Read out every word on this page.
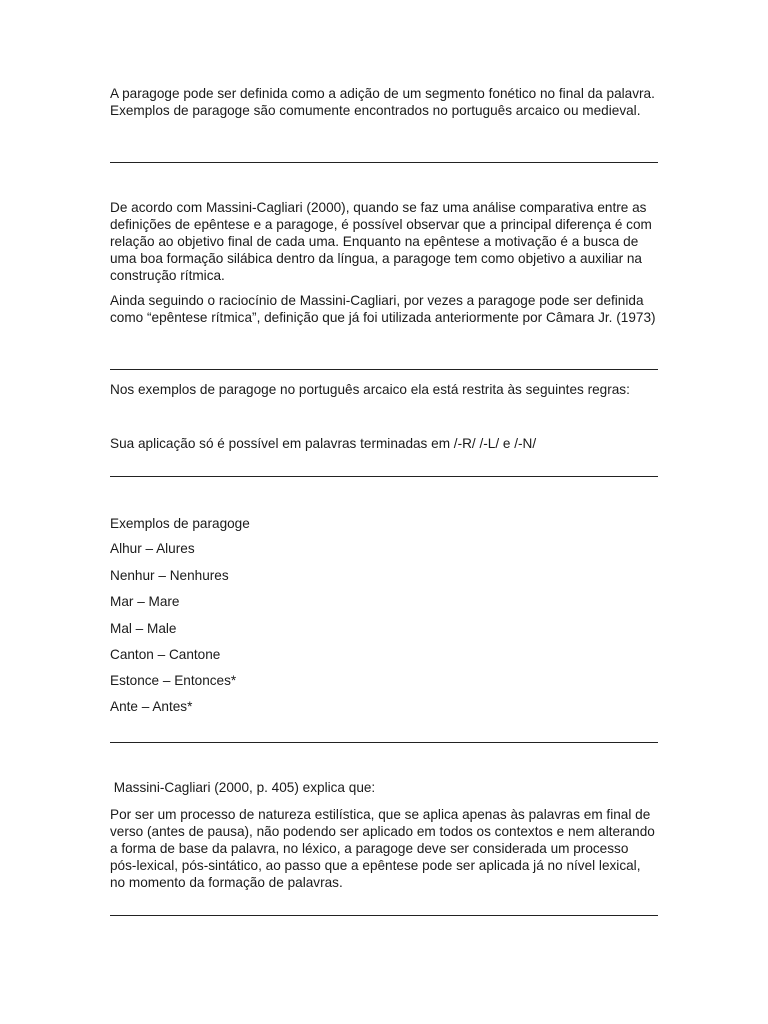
A paragoge pode ser definida como a adição de um segmento fonético no final da palavra. Exemplos de paragoge são comumente encontrados no português arcaico ou medieval.

De acordo com Massini-Cagliari (2000), quando se faz uma análise comparativa entre as definições de epêntese e a paragoge, é possível observar que a principal diferença é com relação ao objetivo final de cada uma. Enquanto na epêntese a motivação é a busca de uma boa formação silábica dentro da língua, a paragoge tem como objetivo a auxiliar na construção rítmica.

Ainda seguindo o raciocínio de Massini-Cagliari, por vezes a paragoge pode ser definida como “epêntese rítmica”, definição que já foi utilizada anteriormente por Câmara Jr. (1973)

Nos exemplos de paragoge no português arcaico ela está restrita às seguintes regras:

Sua aplicação só é possível em palavras terminadas em /-R/ /-L/ e /-N/

Exemplos de paragoge

Alhur – Alures

Nenhur – Nenhures

Mar – Mare

Mal – Male

Canton – Cantone

Estonce – Entonces*

Ante – Antes*

Massini-Cagliari (2000, p. 405) explica que:

Por ser um processo de natureza estilística, que se aplica apenas às palavras em final de verso (antes de pausa), não podendo ser aplicado em todos os contextos e nem alterando a forma de base da palavra, no léxico, a paragoge deve ser considerada um processo pós-lexical, pós-sintático, ao passo que a epêntese pode ser aplicada já no nível lexical, no momento da formação de palavras.
